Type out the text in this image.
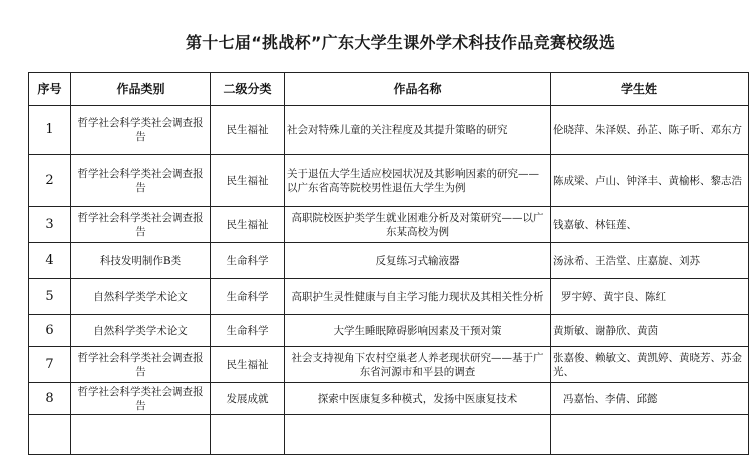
第十七届“挑战杯”广东大学生课外学术科技作品竞赛校级选
序号	作品类别	二级分类	作品名称	学生姓
1	哲学社会科学类社会调查报告	民生福祉	社会对特殊儿童的关注程度及其提升策略的研究	伦晓萍、朱泽娱、孙芷、陈子昕、邓东方
2	哲学社会科学类社会调查报告	民生福祉	关于退伍大学生适应校园状况及其影响因素的研究——以广东省高等院校男性退伍大学生为例	陈成梁、卢山、钟泽丰、黄榆彬、黎志浩
3	哲学社会科学类社会调查报告	民生福祉	高职院校医护类学生就业困难分析及对策研究——以广东某高校为例	钱嘉敏、林钰莲、
4	科技发明制作B类	生命科学	反复练习式输液器	汤泳希、王浩堂、庄嘉旋、刘苏
5	自然科学类学术论文	生命科学	高职护生灵性健康与自主学习能力现状及其相关性分析	罗宇婷、黄宇良、陈红
6	自然科学类学术论文	生命科学	大学生睡眠障碍影响因素及干预对策	黄斯敏、谢静欣、黄茵
7	哲学社会科学类社会调查报告	民生福祉	社会支持视角下农村空巢老人养老现状研究——基于广东省河源市和平县的调查	张嘉俊、赖敏文、黄凯婷、黄晓芳、苏金光、
8	哲学社会科学类社会调查报告	发展成就	探索中医康复多种模式，发扬中医康复技术	冯嘉怡、李倩、邱懿
